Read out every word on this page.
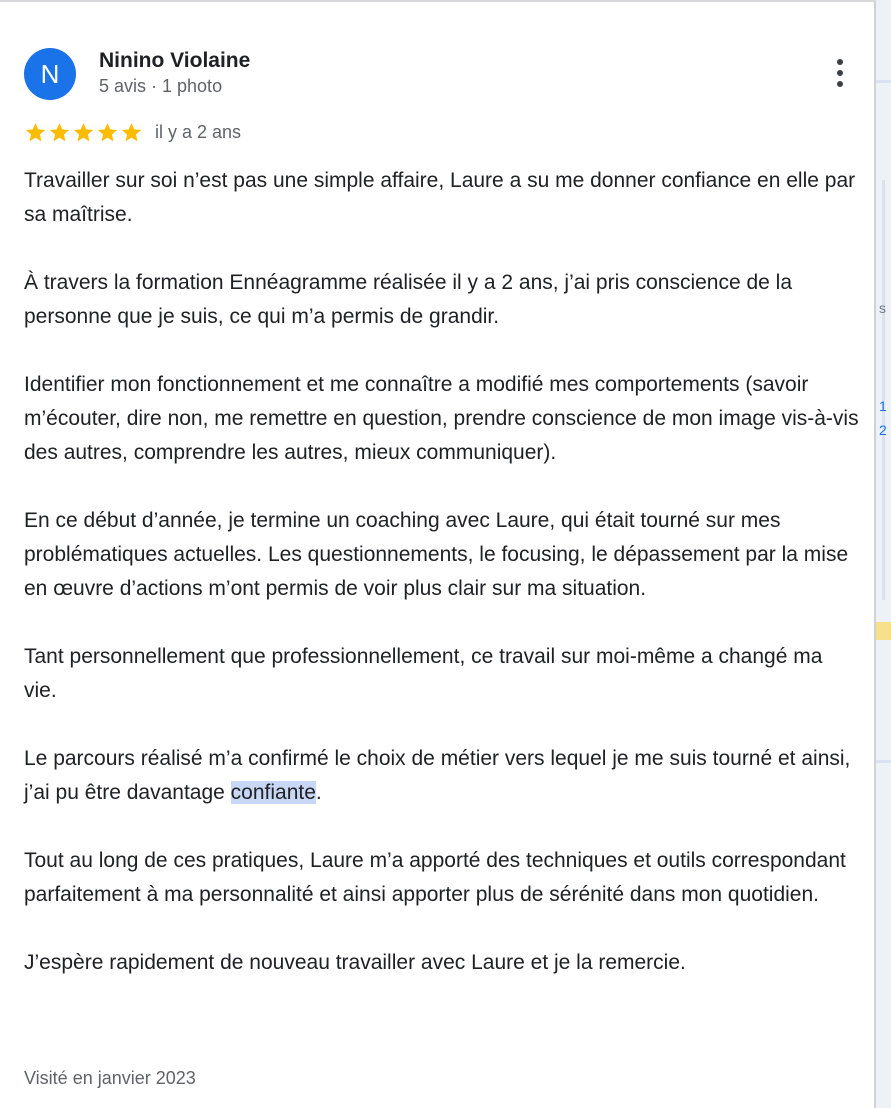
N	Ninino Violaine
5 avis · 1 photo
il y a 2 ans

Travailler sur soi n’est pas une simple affaire, Laure a su me donner confiance en elle par sa maîtrise.

À travers la formation Ennéagramme réalisée il y a 2 ans, j’ai pris conscience de la personne que je suis, ce qui m’a permis de grandir.

Identifier mon fonctionnement et me connaître a modifié mes comportements (savoir m’écouter, dire non, me remettre en question, prendre conscience de mon image vis-à-vis des autres, comprendre les autres, mieux communiquer).

En ce début d’année, je termine un coaching avec Laure, qui était tourné sur mes problématiques actuelles. Les questionnements, le focusing, le dépassement par la mise en œuvre d’actions m’ont permis de voir plus clair sur ma situation.

Tant personnellement que professionnellement, ce travail sur moi-même a changé ma vie.

Le parcours réalisé m’a confirmé le choix de métier vers lequel je me suis tourné et ainsi, j’ai pu être davantage confiante.

Tout au long de ces pratiques, Laure m’a apporté des techniques et outils correspondant parfaitement à ma personnalité et ainsi apporter plus de sérénité dans mon quotidien.

J’espère rapidement de nouveau travailler avec Laure et je la remercie.

Visité en janvier 2023
s
1
2
